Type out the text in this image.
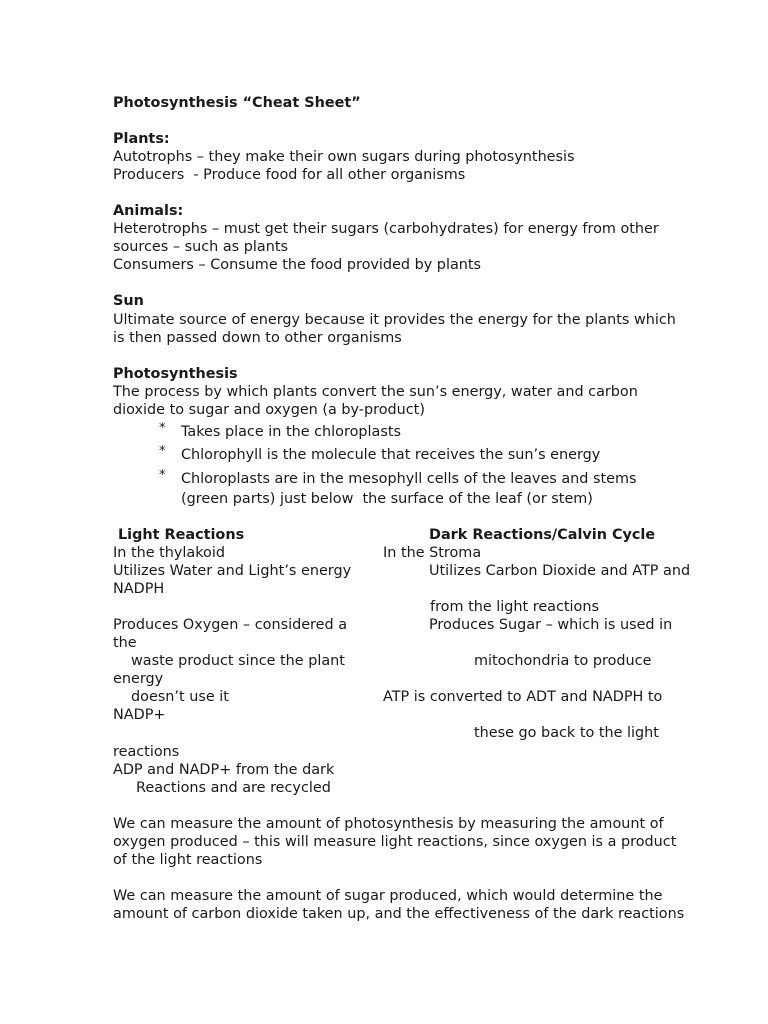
Photosynthesis “Cheat Sheet”
Plants:
Autotrophs – they make their own sugars during photosynthesis
Producers  - Produce food for all other organisms
Animals:
Heterotrophs – must get their sugars (carbohydrates) for energy from other
sources – such as plants
Consumers – Consume the food provided by plants
Sun
Ultimate source of energy because it provides the energy for the plants which
is then passed down to other organisms
Photosynthesis
The process by which plants convert the sun’s energy, water and carbon
dioxide to sugar and oxygen (a by-product)
* Takes place in the chloroplasts
* Chlorophyll is the molecule that receives the sun’s energy
* Chloroplasts are in the mesophyll cells of the leaves and stems
(green parts) just below  the surface of the leaf (or stem)
Light Reactions
In the thylakoid
Utilizes Water and Light’s energy
NADPH
Produces Oxygen – considered a
the
waste product since the plant
energy
doesn’t use it
NADP+
reactions
ADP and NADP+ from the dark
Reactions and are recycled
Dark Reactions/Calvin Cycle
In the Stroma
Utilizes Carbon Dioxide and ATP and
from the light reactions
Produces Sugar – which is used in
mitochondria to produce
ATP is converted to ADT and NADPH to
these go back to the light
We can measure the amount of photosynthesis by measuring the amount of
oxygen produced – this will measure light reactions, since oxygen is a product
of the light reactions
We can measure the amount of sugar produced, which would determine the
amount of carbon dioxide taken up, and the effectiveness of the dark reactions
